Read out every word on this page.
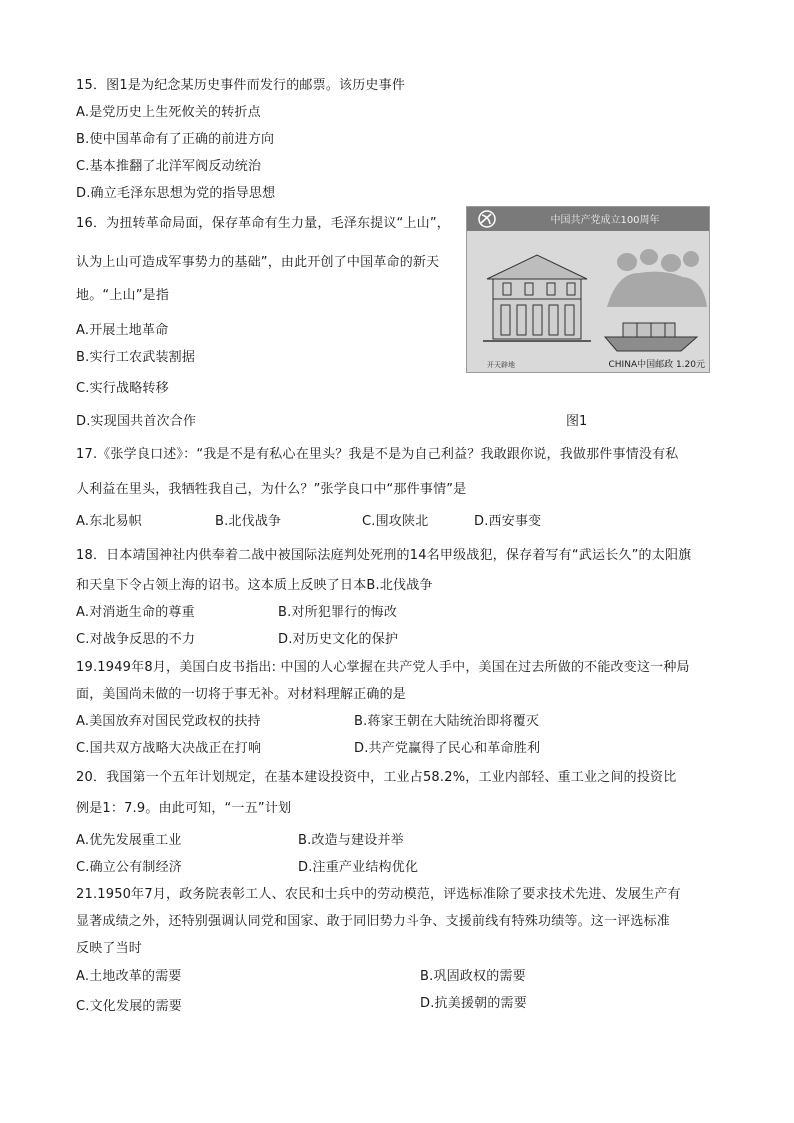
15．图1是为纪念某历史事件而发行的邮票。该历史事件
A.是党历史上生死攸关的转折点
B.使中国革命有了正确的前进方向
C.基本推翻了北洋军阀反动统治
D.确立毛泽东思想为党的指导思想
16．为扭转革命局面，保存革命有生力量，毛泽东提议“上山”，
认为上山可造成军事势力的基础”，由此开创了中国革命的新天
地。“上山”是指
A.开展土地革命
B.实行工农武装割据
C.实行战略转移
D.实现国共首次合作
中国共产党成立100周年
CHINA中国邮政 1.20元
开天辟地
图1
17.《张学良口述》：“我是不是有私心在里头？我是不是为自己利益？我敢跟你说，我做那件事情没有私
人利益在里头，我牺牲我自己，为什么？”张学良口中“那件事情”是
A.东北易帜	B.北伐战争	C.围攻陕北	D.西安事变
18．日本靖国神社内供奉着二战中被国际法庭判处死刑的14名甲级战犯，保存着写有“武运长久”的太阳旗
和天皇下令占领上海的诏书。这本质上反映了日本B.北伐战争
A.对消逝生命的尊重	B.对所犯罪行的悔改
C.对战争反思的不力	D.对历史文化的保护
19.1949年8月，美国白皮书指出: 中国的人心掌握在共产党人手中，美国在过去所做的不能改变这一种局
面，美国尚未做的一切将于事无补。对材料理解正确的是
A.美国放弃对国民党政权的扶持	B.蒋家王朝在大陆统治即将覆灭
C.国共双方战略大决战正在打响	D.共产党赢得了民心和革命胜利
20．我国第一个五年计划规定，在基本建设投资中，工业占58.2%，工业内部轻、重工业之间的投资比
例是1：7.9。由此可知，“一五”计划
A.优先发展重工业	B.改造与建设并举
C.确立公有制经济	D.注重产业结构优化
21.1950年7月，政务院表彰工人、农民和士兵中的劳动模范，评选标准除了要求技术先进、发展生产有
显著成绩之外，还特别强调认同党和国家、敢于同旧势力斗争、支援前线有特殊功绩等。这一评选标准
反映了当时
A.土地改革的需要	B.巩固政权的需要
C.文化发展的需要	D.抗美援朝的需要
